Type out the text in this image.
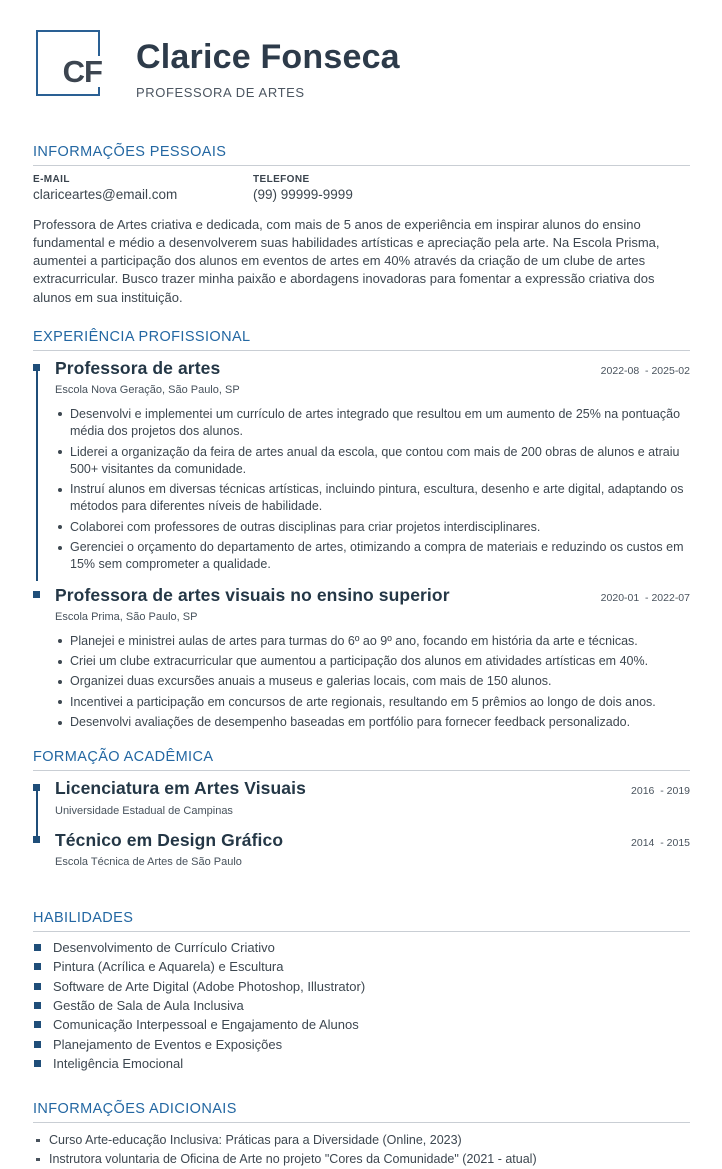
CF Clarice Fonseca
PROFESSORA DE ARTES
INFORMAÇÕES PESSOAIS
E-MAIL
clariceartes@email.com
TELEFONE
(99) 99999-9999

Professora de Artes criativa e dedicada, com mais de 5 anos de experiência em inspirar alunos do ensino fundamental e médio a desenvolverem suas habilidades artísticas e apreciação pela arte. Na Escola Prisma, aumentei a participação dos alunos em eventos de artes em 40% através da criação de um clube de artes extracurricular. Busco trazer minha paixão e abordagens inovadoras para fomentar a expressão criativa dos alunos em sua instituição.

EXPERIÊNCIA PROFISSIONAL
Professora de artes	2022-08  - 2025-02
Escola Nova Geração, São Paulo, SP
Desenvolvi e implementei um currículo de artes integrado que resultou em um aumento de 25% na pontuação média dos projetos dos alunos.
Liderei a organização da feira de artes anual da escola, que contou com mais de 200 obras de alunos e atraiu 500+ visitantes da comunidade.
Instruí alunos em diversas técnicas artísticas, incluindo pintura, escultura, desenho e arte digital, adaptando os métodos para diferentes níveis de habilidade.
Colaborei com professores de outras disciplinas para criar projetos interdisciplinares.
Gerenciei o orçamento do departamento de artes, otimizando a compra de materiais e reduzindo os custos em 15% sem comprometer a qualidade.
Professora de artes visuais no ensino superior	2020-01  - 2022-07
Escola Prima, São Paulo, SP
Planejei e ministrei aulas de artes para turmas do 6º ao 9º ano, focando em história da arte e técnicas.
Criei um clube extracurricular que aumentou a participação dos alunos em atividades artísticas em 40%.
Organizei duas excursões anuais a museus e galerias locais, com mais de 150 alunos.
Incentivei a participação em concursos de arte regionais, resultando em 5 prêmios ao longo de dois anos.
Desenvolvi avaliações de desempenho baseadas em portfólio para fornecer feedback personalizado.
FORMAÇÃO ACADÊMICA
Licenciatura em Artes Visuais	2016  - 2019
Universidade Estadual de Campinas
Técnico em Design Gráfico	2014  - 2015
Escola Técnica de Artes de São Paulo
HABILIDADES
Desenvolvimento de Currículo Criativo
Pintura (Acrílica e Aquarela) e Escultura
Software de Arte Digital (Adobe Photoshop, Illustrator)
Gestão de Sala de Aula Inclusiva
Comunicação Interpessoal e Engajamento de Alunos
Planejamento de Eventos e Exposições
Inteligência Emocional
INFORMAÇÕES ADICIONAIS
Curso Arte-educação Inclusiva: Práticas para a Diversidade (Online, 2023)
Instrutora voluntaria de Oficina de Arte no projeto "Cores da Comunidade" (2021 - atual)
